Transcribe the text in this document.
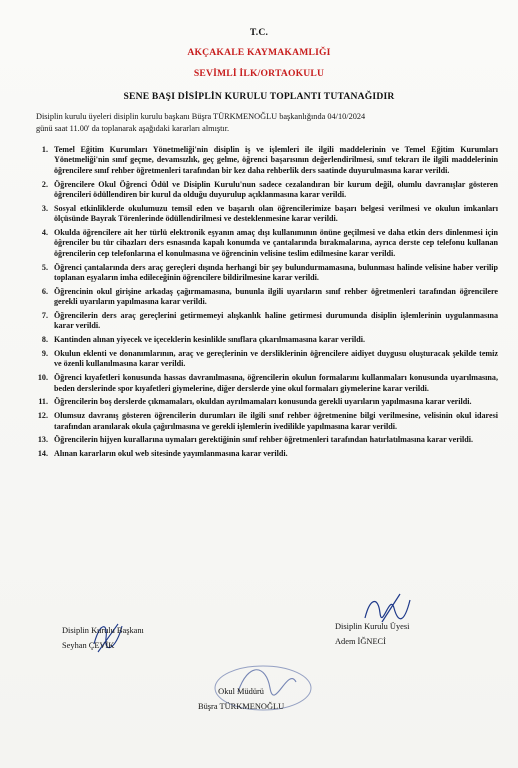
T.C.
AKÇAKALE KAYMAKAMLIĞI
SEVİMLİ İLK/ORTAOKULU
SENE BAŞI DİSİPLİN KURULU TOPLANTI TUTANAĞIDIR
Disiplin kurulu üyeleri disiplin kurulu başkanı Büşra TÜRKMENOĞLU başkanlığında 04/10/2024
günü saat 11.00' da toplanarak aşağıdaki kararları almıştır.
1. Temel Eğitim Kurumları Yönetmeliği'nin disiplin iş ve işlemleri ile ilgili maddelerinin ve Temel Eğitim Kurumları Yönetmeliği'nin sınıf geçme, devamsızlık, geç gelme, öğrenci başarısının değerlendirilmesi, sınıf tekrarı ile ilgili maddelerinin öğrencilere sınıf rehber öğretmenleri tarafından bir kez daha rehberlik ders saatinde duyurulmasına karar verildi.
2. Öğrencilere Okul Öğrenci Ödül ve Disiplin Kurulu'nun sadece cezalandıran bir kurum değil, olumlu davranışlar gösteren öğrencileri ödüllendiren bir kurul da olduğu duyurulup açıklanmasına karar verildi.
3. Sosyal etkinliklerde okulumuzu temsil eden ve başarılı olan öğrencilerimize başarı belgesi verilmesi ve okulun imkanları ölçüsünde Bayrak Törenlerinde ödüllendirilmesi ve desteklenmesine karar verildi.
4. Okulda öğrencilere ait her türlü elektronik eşyanın amaç dışı kullanımının önüne geçilmesi ve daha etkin ders dinlenmesi için öğrenciler bu tür cihazları ders esnasında kapalı konumda ve çantalarında bırakmalarına, ayrıca derste cep telefonu kullanan öğrencilerin cep telefonlarına el konulmasına ve öğrencinin velisine teslim edilmesine karar verildi.
5. Öğrenci çantalarında ders araç gereçleri dışında herhangi bir şey bulundurmamasına, bulunması halinde velisine haber verilip toplanan eşyaların imha edileceğinin öğrencilere bildirilmesine karar verildi.
6. Öğrencinin okul girişine arkadaş çağırmamasına, bununla ilgili uyarıların sınıf rehber öğretmenleri tarafından öğrencilere gerekli uyarıların yapılmasına karar verildi.
7. Öğrencilerin ders araç gereçlerini getirmemeyi alışkanlık haline getirmesi durumunda disiplin işlemlerinin uygulanmasına karar verildi.
8. Kantinden alınan yiyecek ve içeceklerin kesinlikle sınıflara çıkarılmamasına karar verildi.
9. Okulun eklenti ve donanımlarının, araç ve gereçlerinin ve dersliklerinin öğrencilere aidiyet duygusu oluşturacak şekilde temiz ve özenli kullanılmasına karar verildi.
10. Öğrenci kıyafetleri konusunda hassas davranılmasına, öğrencilerin okulun formalarını kullanmaları konusunda uyarılmasına, beden derslerinde spor kıyafetleri giymelerine, diğer derslerde yine okul formaları giymelerine karar verildi.
11. Öğrencilerin boş derslerde çıkmamaları, okuldan ayrılmamaları konusunda gerekli uyarıların yapılmasına karar verildi.
12. Olumsuz davranış gösteren öğrencilerin durumları ile ilgili sınıf rehber öğretmenine bilgi verilmesine, velisinin okul idaresi tarafından aranılarak okula çağırılmasına ve gerekli işlemlerin ivedilikle yapılmasına karar verildi.
13. Öğrencilerin hijyen kurallarına uymaları gerektiğinin sınıf rehber öğretmenleri tarafından hatırlatılmasına karar verildi.
14. Alınan kararların okul web sitesinde yayımlanmasına karar verildi.
Disiplin Kurulu Başkanı
Seyhan ÇEVİK
Disiplin Kurulu Üyesi
Adem İĞNECİ
Okul Müdürü
Büşra TÜRKMENOĞLU
